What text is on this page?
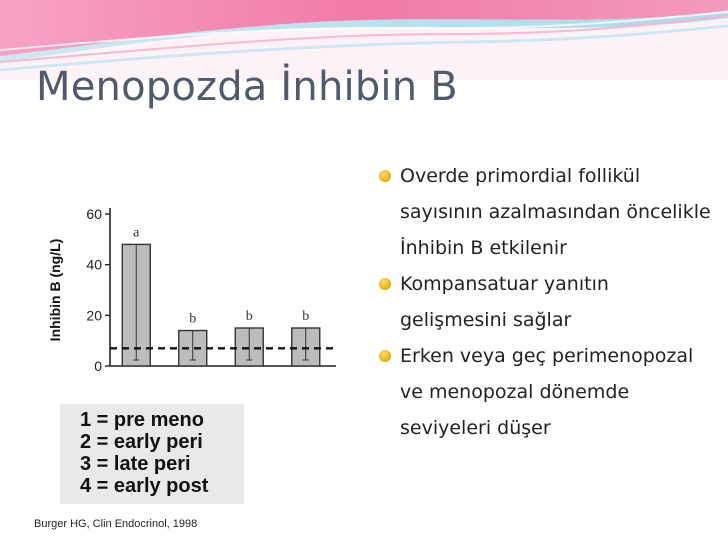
Menopozda İnhibin B
Inhibin B (ng/L)
0
20
40
60
a
b	b	b
1 = pre meno
2 = early peri
3 = late peri
4 = early post
Burger HG, Clin Endocrinol, 1998
Overde primordial follikül sayısının azalmasından öncelikle İnhibin B etkilenir
Kompansatuar yanıtın gelişmesini sağlar
Erken veya geç perimenopozal ve menopozal dönemde seviyeleri düşer
